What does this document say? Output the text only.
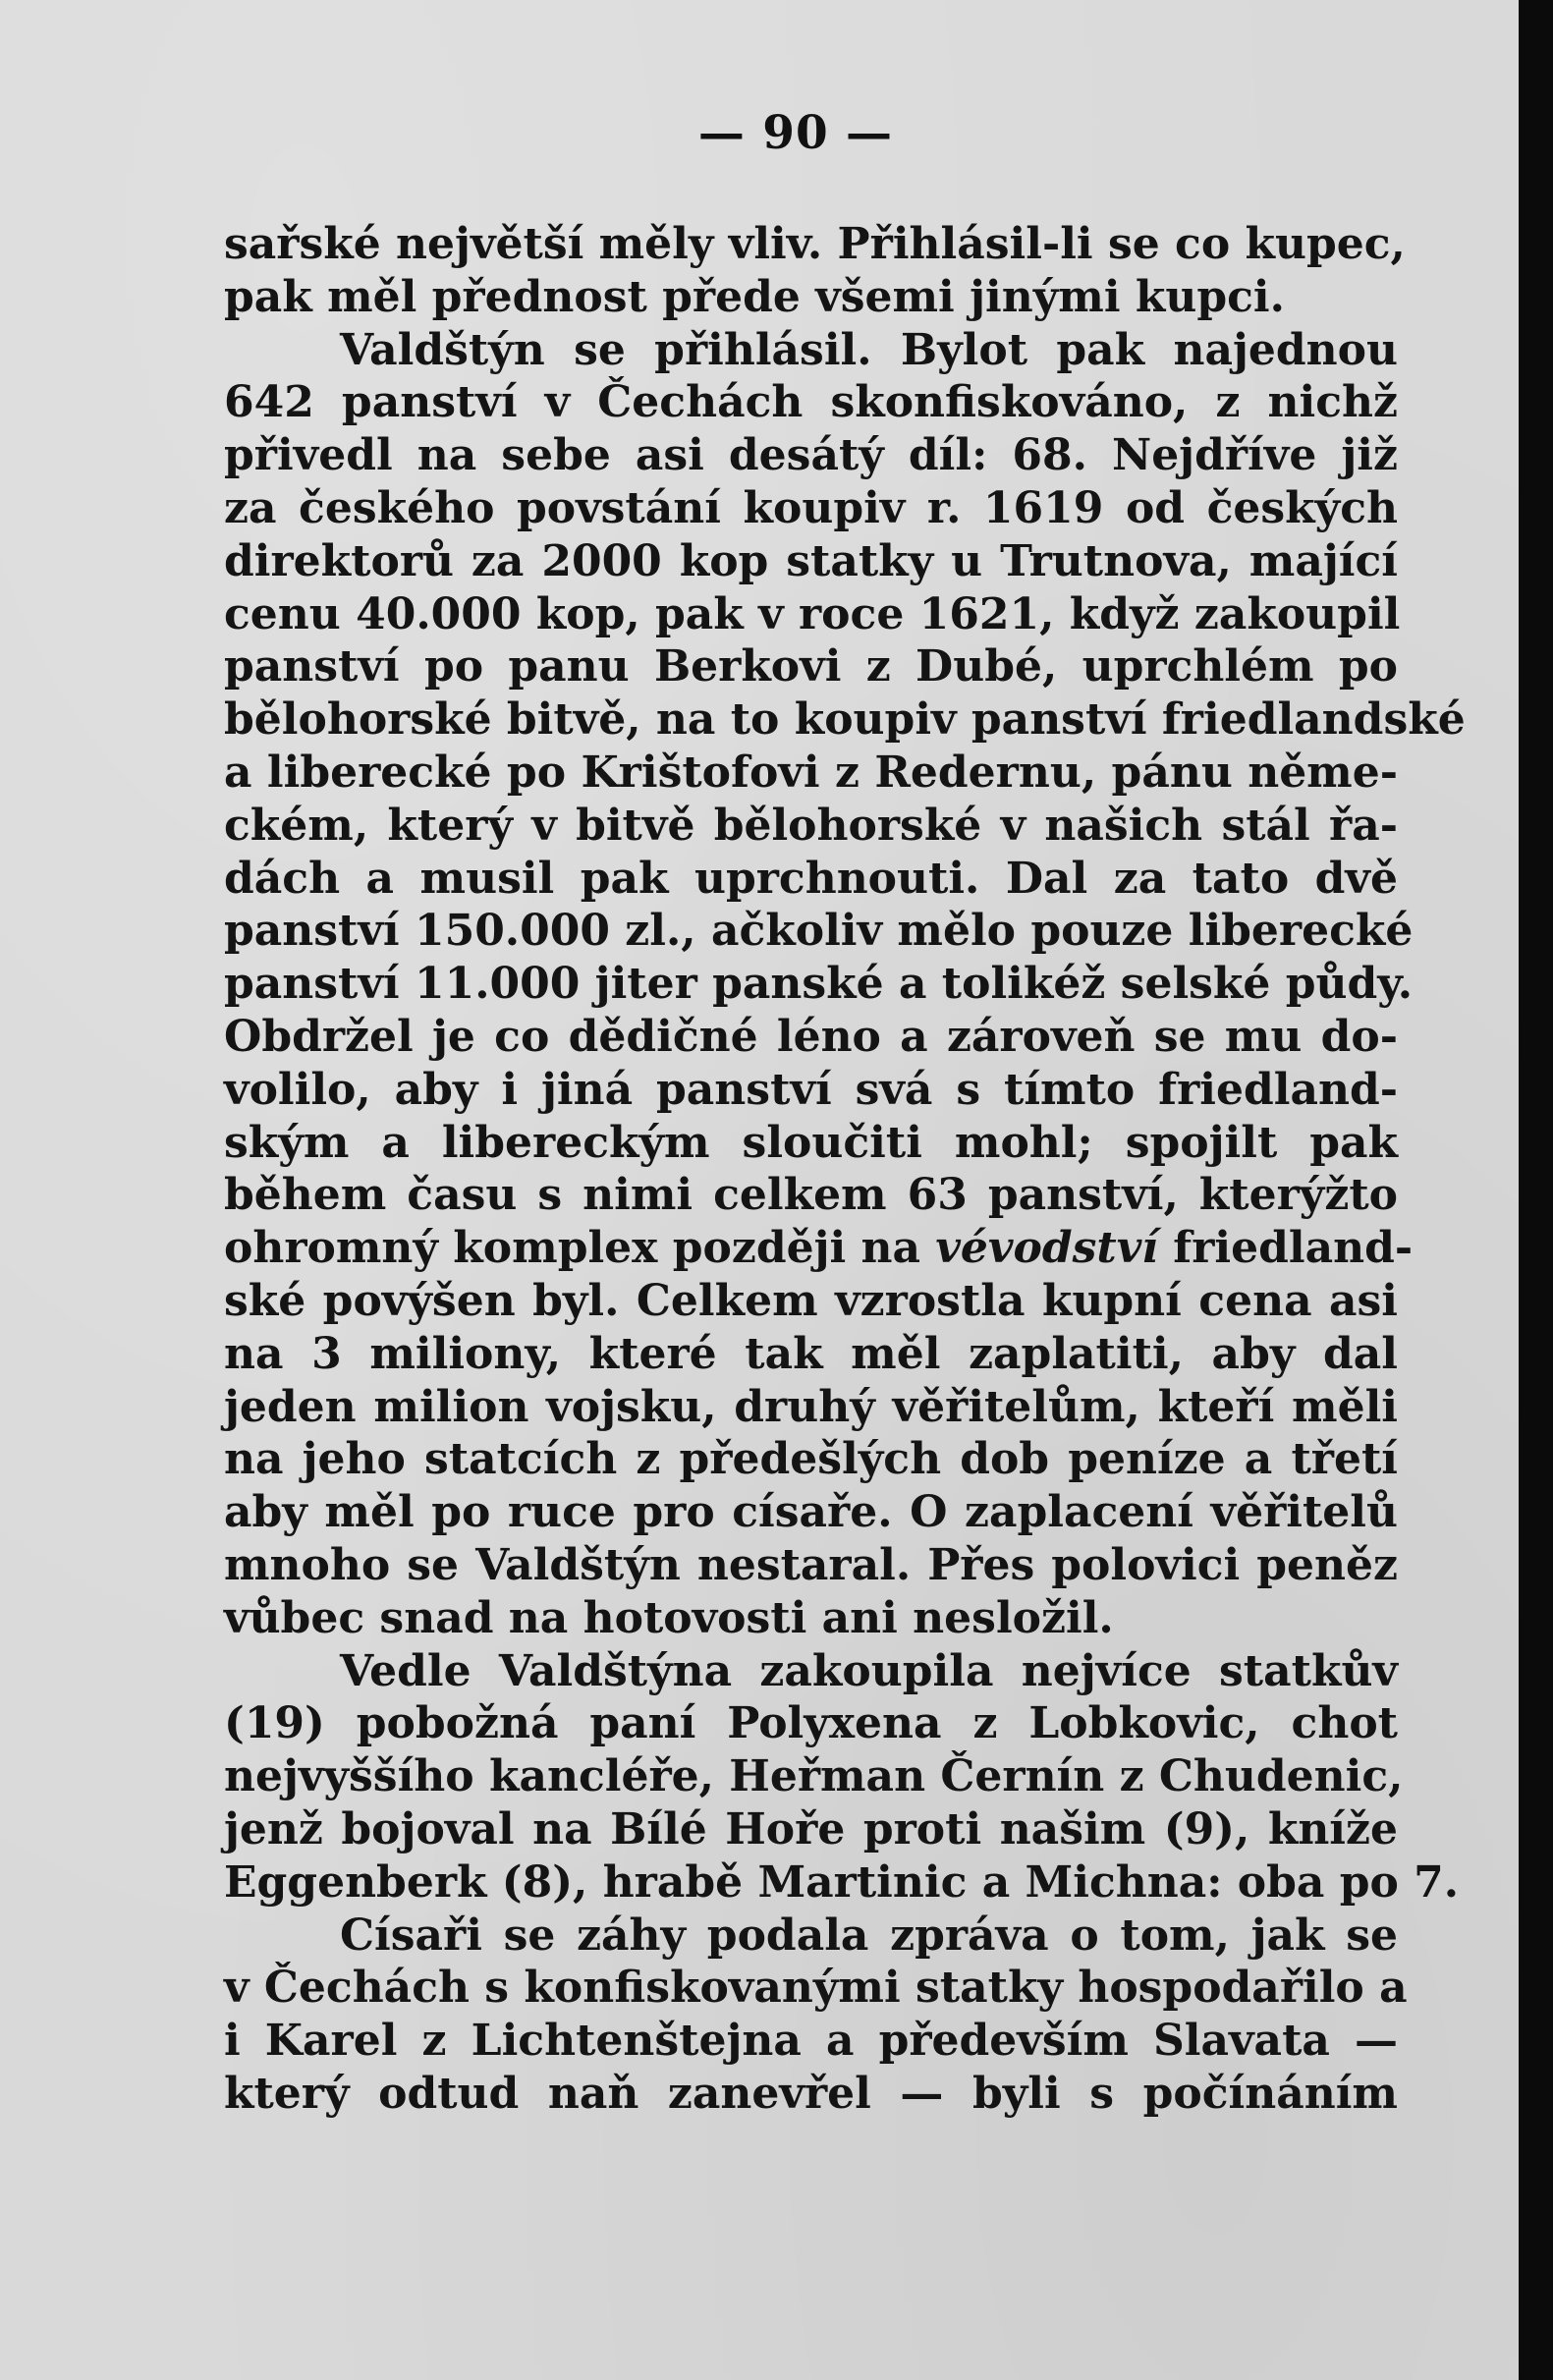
— 90 —
sařské největší měly vliv. Přihlásil-li se co kupec,
pak měl přednost přede všemi jinými kupci.
Valdštýn se přihlásil. Bylot pak najednou
642 panství v Čechách skonfiskováno, z nichž
přivedl na sebe asi desátý díl: 68. Nejdříve již
za českého povstání koupiv r. 1619 od českých
direktorů za 2000 kop statky u Trutnova, mající
cenu 40.000 kop, pak v roce 1621, když zakoupil
panství po panu Berkovi z Dubé, uprchlém po
bělohorské bitvě, na to koupiv panství friedlandské
a liberecké po Krištofovi z Redernu, pánu něme-
ckém, který v bitvě bělohorské v našich stál řa-
dách a musil pak uprchnouti. Dal za tato dvě
panství 150.000 zl., ačkoliv mělo pouze liberecké
panství 11.000 jiter panské a tolikéž selské půdy.
Obdržel je co dědičné léno a zároveň se mu do-
volilo, aby i jiná panství svá s tímto friedland-
ským a libereckým sloučiti mohl; spojilt pak
během času s nimi celkem 63 panství, kterýžto
ohromný komplex později na vévodství friedland-
ské povýšen byl. Celkem vzrostla kupní cena asi
na 3 miliony, které tak měl zaplatiti, aby dal
jeden milion vojsku, druhý věřitelům, kteří měli
na jeho statcích z předešlých dob peníze a třetí
aby měl po ruce pro císaře. O zaplacení věřitelů
mnoho se Valdštýn nestaral. Přes polovici peněz
vůbec snad na hotovosti ani nesložil.
Vedle Valdštýna zakoupila nejvíce statkův
(19) pobožná paní Polyxena z Lobkovic, chot
nejvyššího kancléře, Heřman Černín z Chudenic,
jenž bojoval na Bílé Hoře proti našim (9), kníže
Eggenberk (8), hrabě Martinic a Michna: oba po 7.
Císaři se záhy podala zpráva o tom, jak se
v Čechách s konfiskovanými statky hospodařilo a
i Karel z Lichtenštejna a především Slavata —
který odtud naň zanevřel — byli s počínáním
